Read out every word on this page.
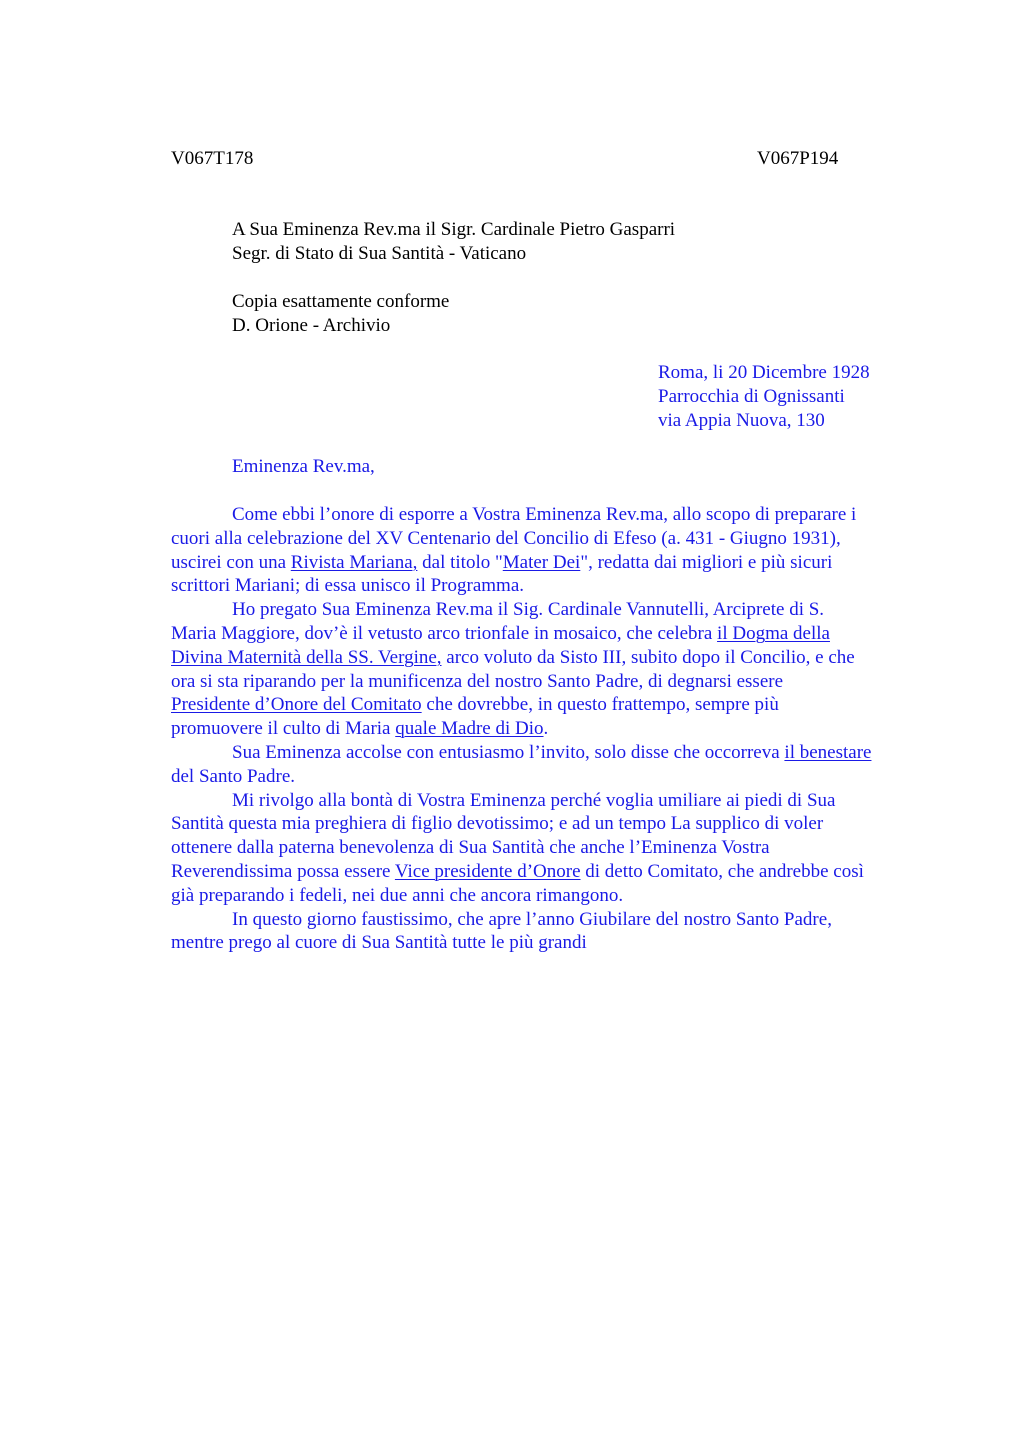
V067T178	V067P194

A Sua Eminenza Rev.ma il Sigr. Cardinale Pietro Gasparri
Segr. di Stato di Sua Santità - Vaticano
Copia esattamente conforme
D. Orione - Archivio
Roma, li 20 Dicembre 1928
Parrocchia di Ognissanti
via Appia Nuova, 130

Eminenza Rev.ma,

Come ebbi l’onore di esporre a Vostra Eminenza Rev.ma, allo scopo di preparare i
cuori alla celebrazione del XV Centenario del Concilio di Efeso (a. 431 - Giugno 1931),
uscirei con una Rivista Mariana, dal titolo "Mater Dei", redatta dai migliori e più sicuri
scrittori Mariani; di essa unisco il Programma.
Ho pregato Sua Eminenza Rev.ma il Sig. Cardinale Vannutelli, Arciprete di S.
Maria Maggiore, dov’è il vetusto arco trionfale in mosaico, che celebra il Dogma della
Divina Maternità della SS. Vergine, arco voluto da Sisto III, subito dopo il Concilio, e che
ora si sta riparando per la munificenza del nostro Santo Padre, di degnarsi essere
Presidente d’Onore del Comitato che dovrebbe, in questo frattempo, sempre più
promuovere il culto di Maria quale Madre di Dio.
Sua Eminenza accolse con entusiasmo l’invito, solo disse che occorreva il benestare
del Santo Padre.
Mi rivolgo alla bontà di Vostra Eminenza perché voglia umiliare ai piedi di Sua
Santità questa mia preghiera di figlio devotissimo; e ad un tempo La supplico di voler
ottenere dalla paterna benevolenza di Sua Santità che anche l’Eminenza Vostra
Reverendissima possa essere Vice presidente d’Onore di detto Comitato, che andrebbe così
già preparando i fedeli, nei due anni che ancora rimangono.
In questo giorno faustissimo, che apre l’anno Giubilare del nostro Santo Padre,
mentre prego al cuore di Sua Santità tutte le più grandi
